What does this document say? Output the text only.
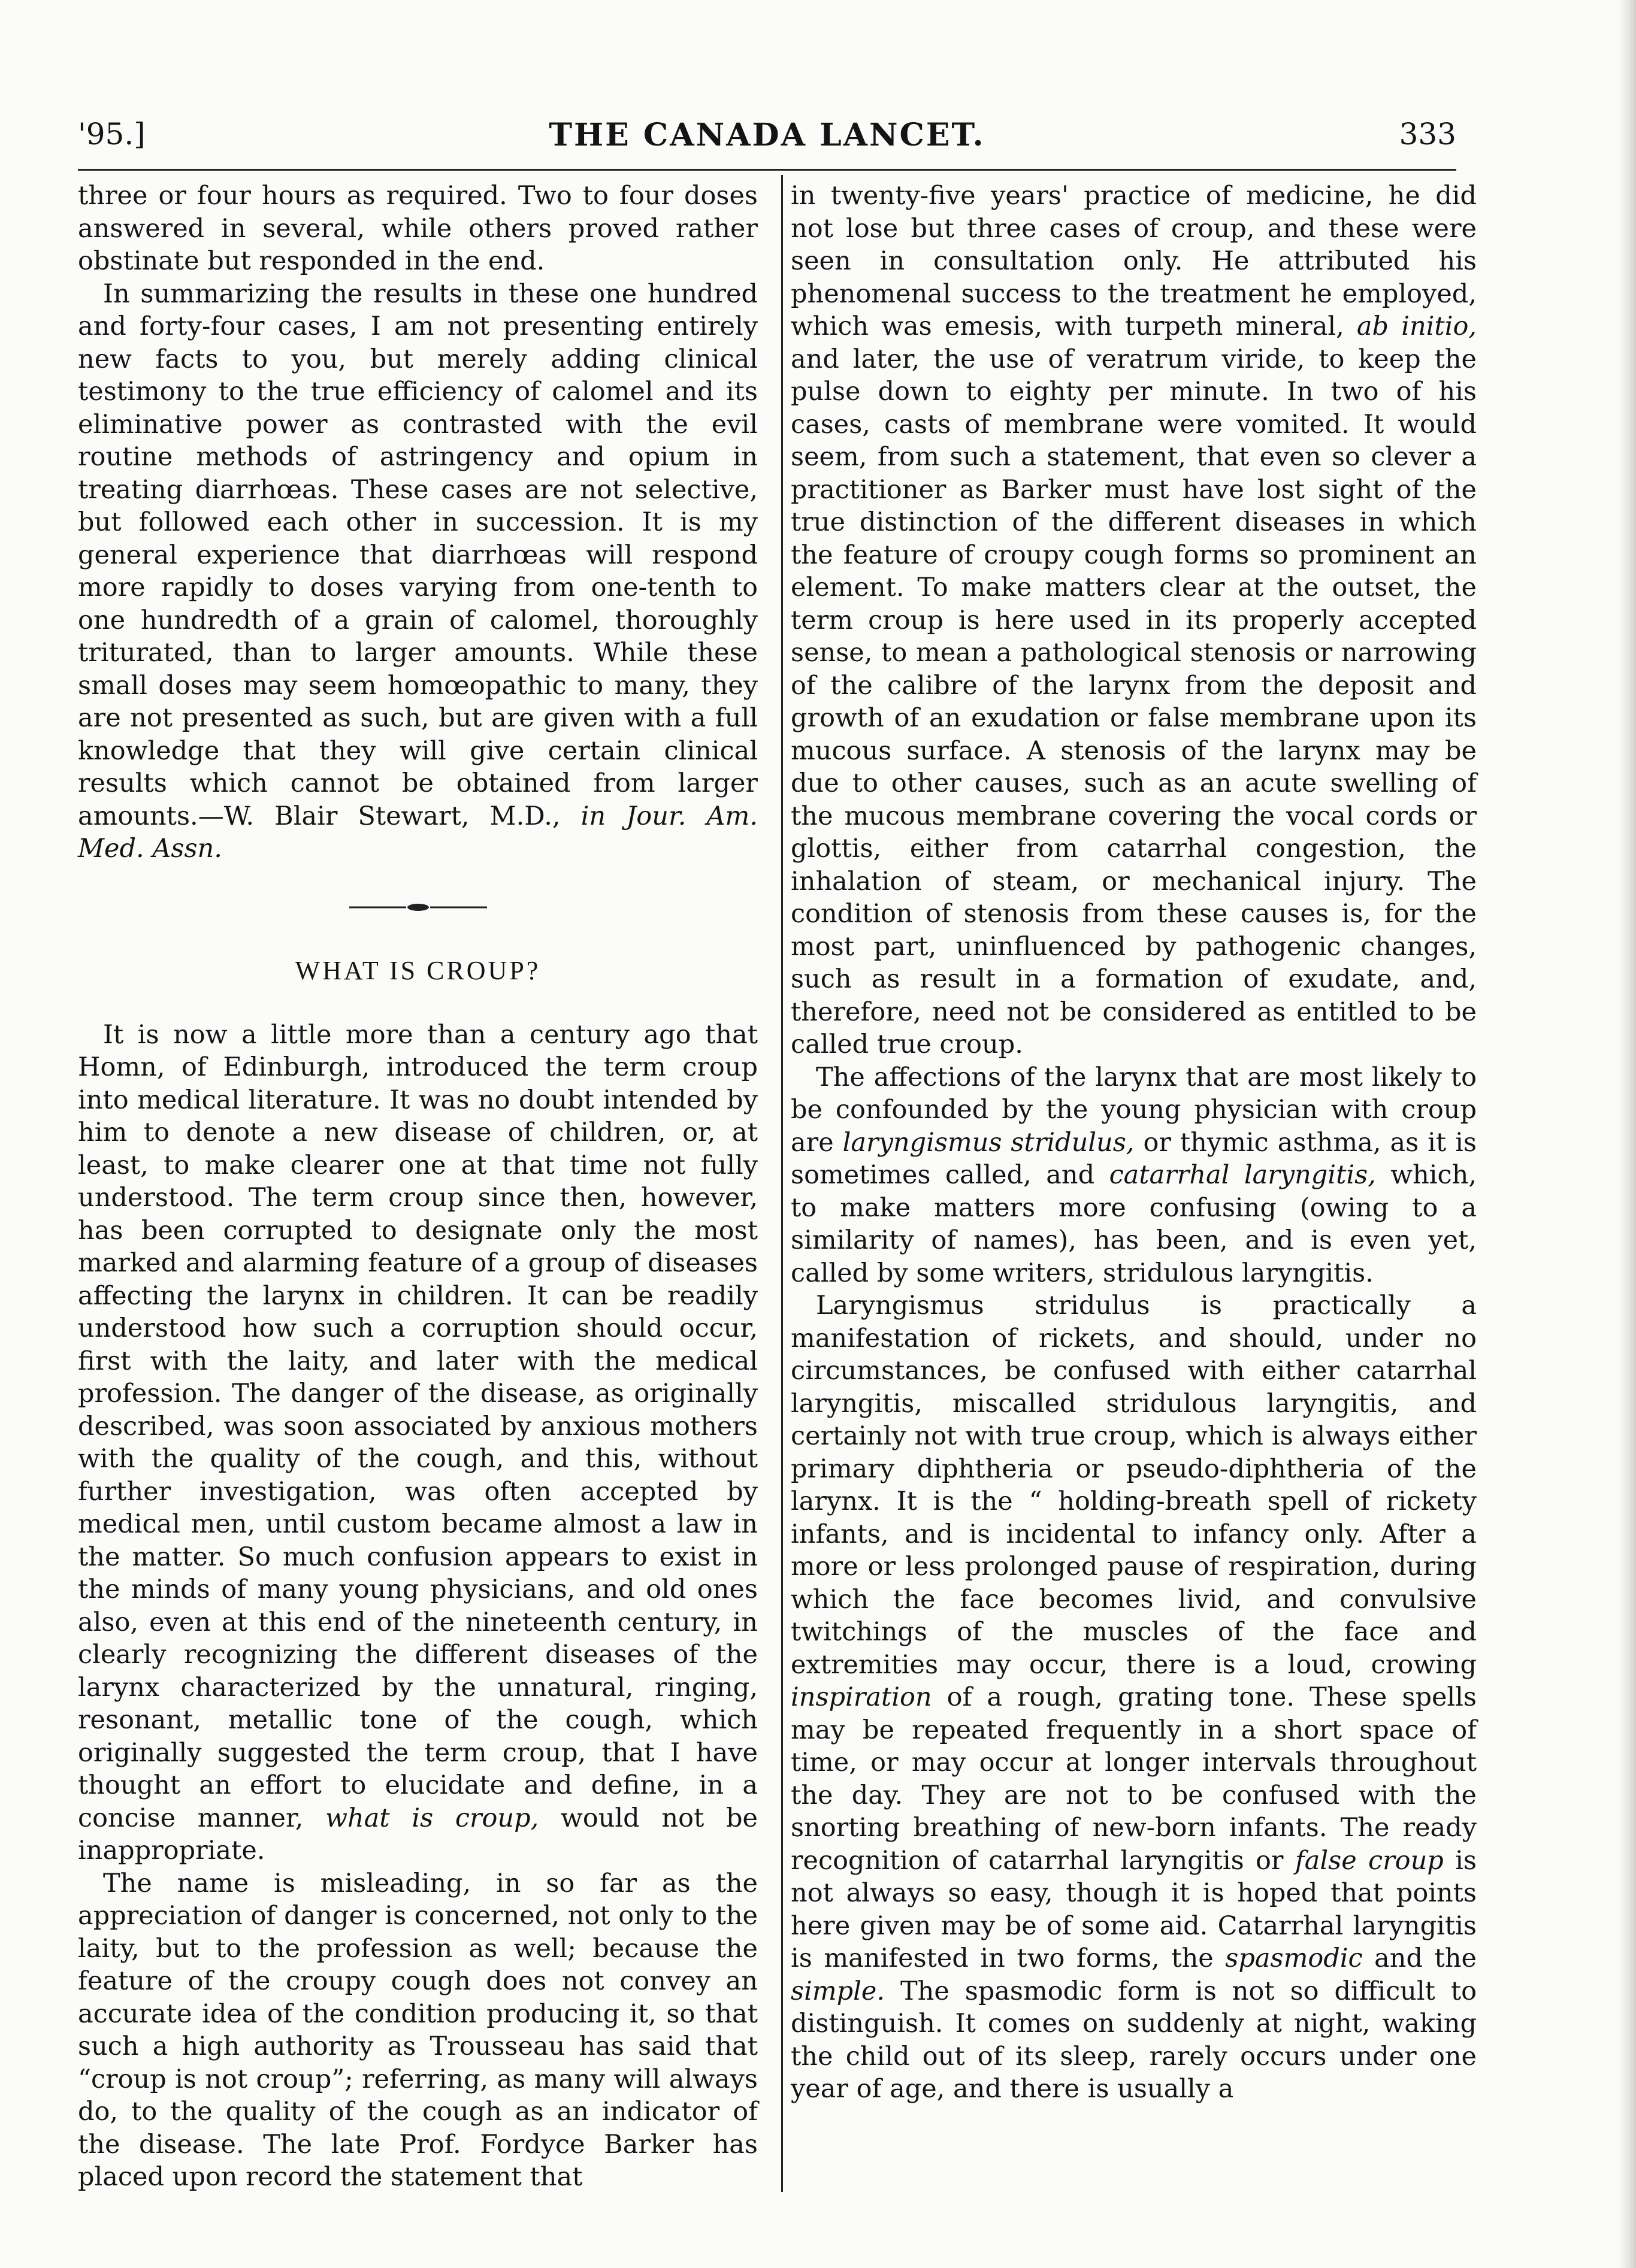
'95.]	THE CANADA LANCET.	333

three or four hours as required. Two to four doses answered in several, while others proved rather obstinate but responded in the end.

In summarizing the results in these one hundred and forty-four cases, I am not presenting entirely new facts to you, but merely adding clinical testimony to the true efficiency of calomel and its eliminative power as contrasted with the evil routine methods of astringency and opium in treating diarrhœas. These cases are not selective, but followed each other in succession. It is my general experience that diarrhœas will respond more rapidly to doses varying from one-tenth to one hundredth of a grain of calomel, thoroughly triturated, than to larger amounts. While these small doses may seem homœopathic to many, they are not presented as such, but are given with a full knowledge that they will give certain clinical results which cannot be obtained from larger amounts.—W. Blair Stewart, M.D., in Jour. Am. Med. Assn.

WHAT IS CROUP?

It is now a little more than a century ago that Homn, of Edinburgh, introduced the term croup into medical literature. It was no doubt intended by him to denote a new disease of children, or, at least, to make clearer one at that time not fully understood. The term croup since then, however, has been corrupted to designate only the most marked and alarming feature of a group of diseases affecting the larynx in children. It can be readily understood how such a corruption should occur, first with the laity, and later with the medical profession. The danger of the disease, as originally described, was soon associated by anxious mothers with the quality of the cough, and this, without further investigation, was often accepted by medical men, until custom became almost a law in the matter. So much confusion appears to exist in the minds of many young physicians, and old ones also, even at this end of the nineteenth century, in clearly recognizing the different diseases of the larynx characterized by the unnatural, ringing, resonant, metallic tone of the cough, which originally suggested the term croup, that I have thought an effort to elucidate and define, in a concise manner, what is croup, would not be inappropriate.

The name is misleading, in so far as the appreciation of danger is concerned, not only to the laity, but to the profession as well; because the feature of the croupy cough does not convey an accurate idea of the condition producing it, so that such a high authority as Trousseau has said that “croup is not croup”; referring, as many will always do, to the quality of the cough as an indicator of the disease. The late Prof. Fordyce Barker has placed upon record the statement that

in twenty-five years' practice of medicine, he did not lose but three cases of croup, and these were seen in consultation only. He attributed his phenomenal success to the treatment he employed, which was emesis, with turpeth mineral, ab initio, and later, the use of veratrum viride, to keep the pulse down to eighty per minute. In two of his cases, casts of membrane were vomited. It would seem, from such a statement, that even so clever a practitioner as Barker must have lost sight of the true distinction of the different diseases in which the feature of croupy cough forms so prominent an element. To make matters clear at the outset, the term croup is here used in its properly accepted sense, to mean a pathological stenosis or narrowing of the calibre of the larynx from the deposit and growth of an exudation or false membrane upon its mucous surface. A stenosis of the larynx may be due to other causes, such as an acute swelling of the mucous membrane covering the vocal cords or glottis, either from catarrhal congestion, the inhalation of steam, or mechanical injury. The condition of stenosis from these causes is, for the most part, uninfluenced by pathogenic changes, such as result in a formation of exudate, and, therefore, need not be considered as entitled to be called true croup.

The affections of the larynx that are most likely to be confounded by the young physician with croup are laryngismus stridulus, or thymic asthma, as it is sometimes called, and catarrhal laryngitis, which, to make matters more confusing (owing to a similarity of names), has been, and is even yet, called by some writers, stridulous laryngitis.

Laryngismus stridulus is practically a manifestation of rickets, and should, under no circumstances, be confused with either catarrhal laryngitis, miscalled stridulous laryngitis, and certainly not with true croup, which is always either primary diphtheria or pseudo-diphtheria of the larynx. It is the “ holding-breath spell of rickety infants, and is incidental to infancy only. After a more or less prolonged pause of respiration, during which the face becomes livid, and convulsive twitchings of the muscles of the face and extremities may occur, there is a loud, crowing inspiration of a rough, grating tone. These spells may be repeated frequently in a short space of time, or may occur at longer intervals throughout the day. They are not to be confused with the snorting breathing of new-born infants. The ready recognition of catarrhal laryngitis or false croup is not always so easy, though it is hoped that points here given may be of some aid. Catarrhal laryngitis is manifested in two forms, the spasmodic and the simple. The spasmodic form is not so difficult to distinguish. It comes on suddenly at night, waking the child out of its sleep, rarely occurs under one year of age, and there is usually a
